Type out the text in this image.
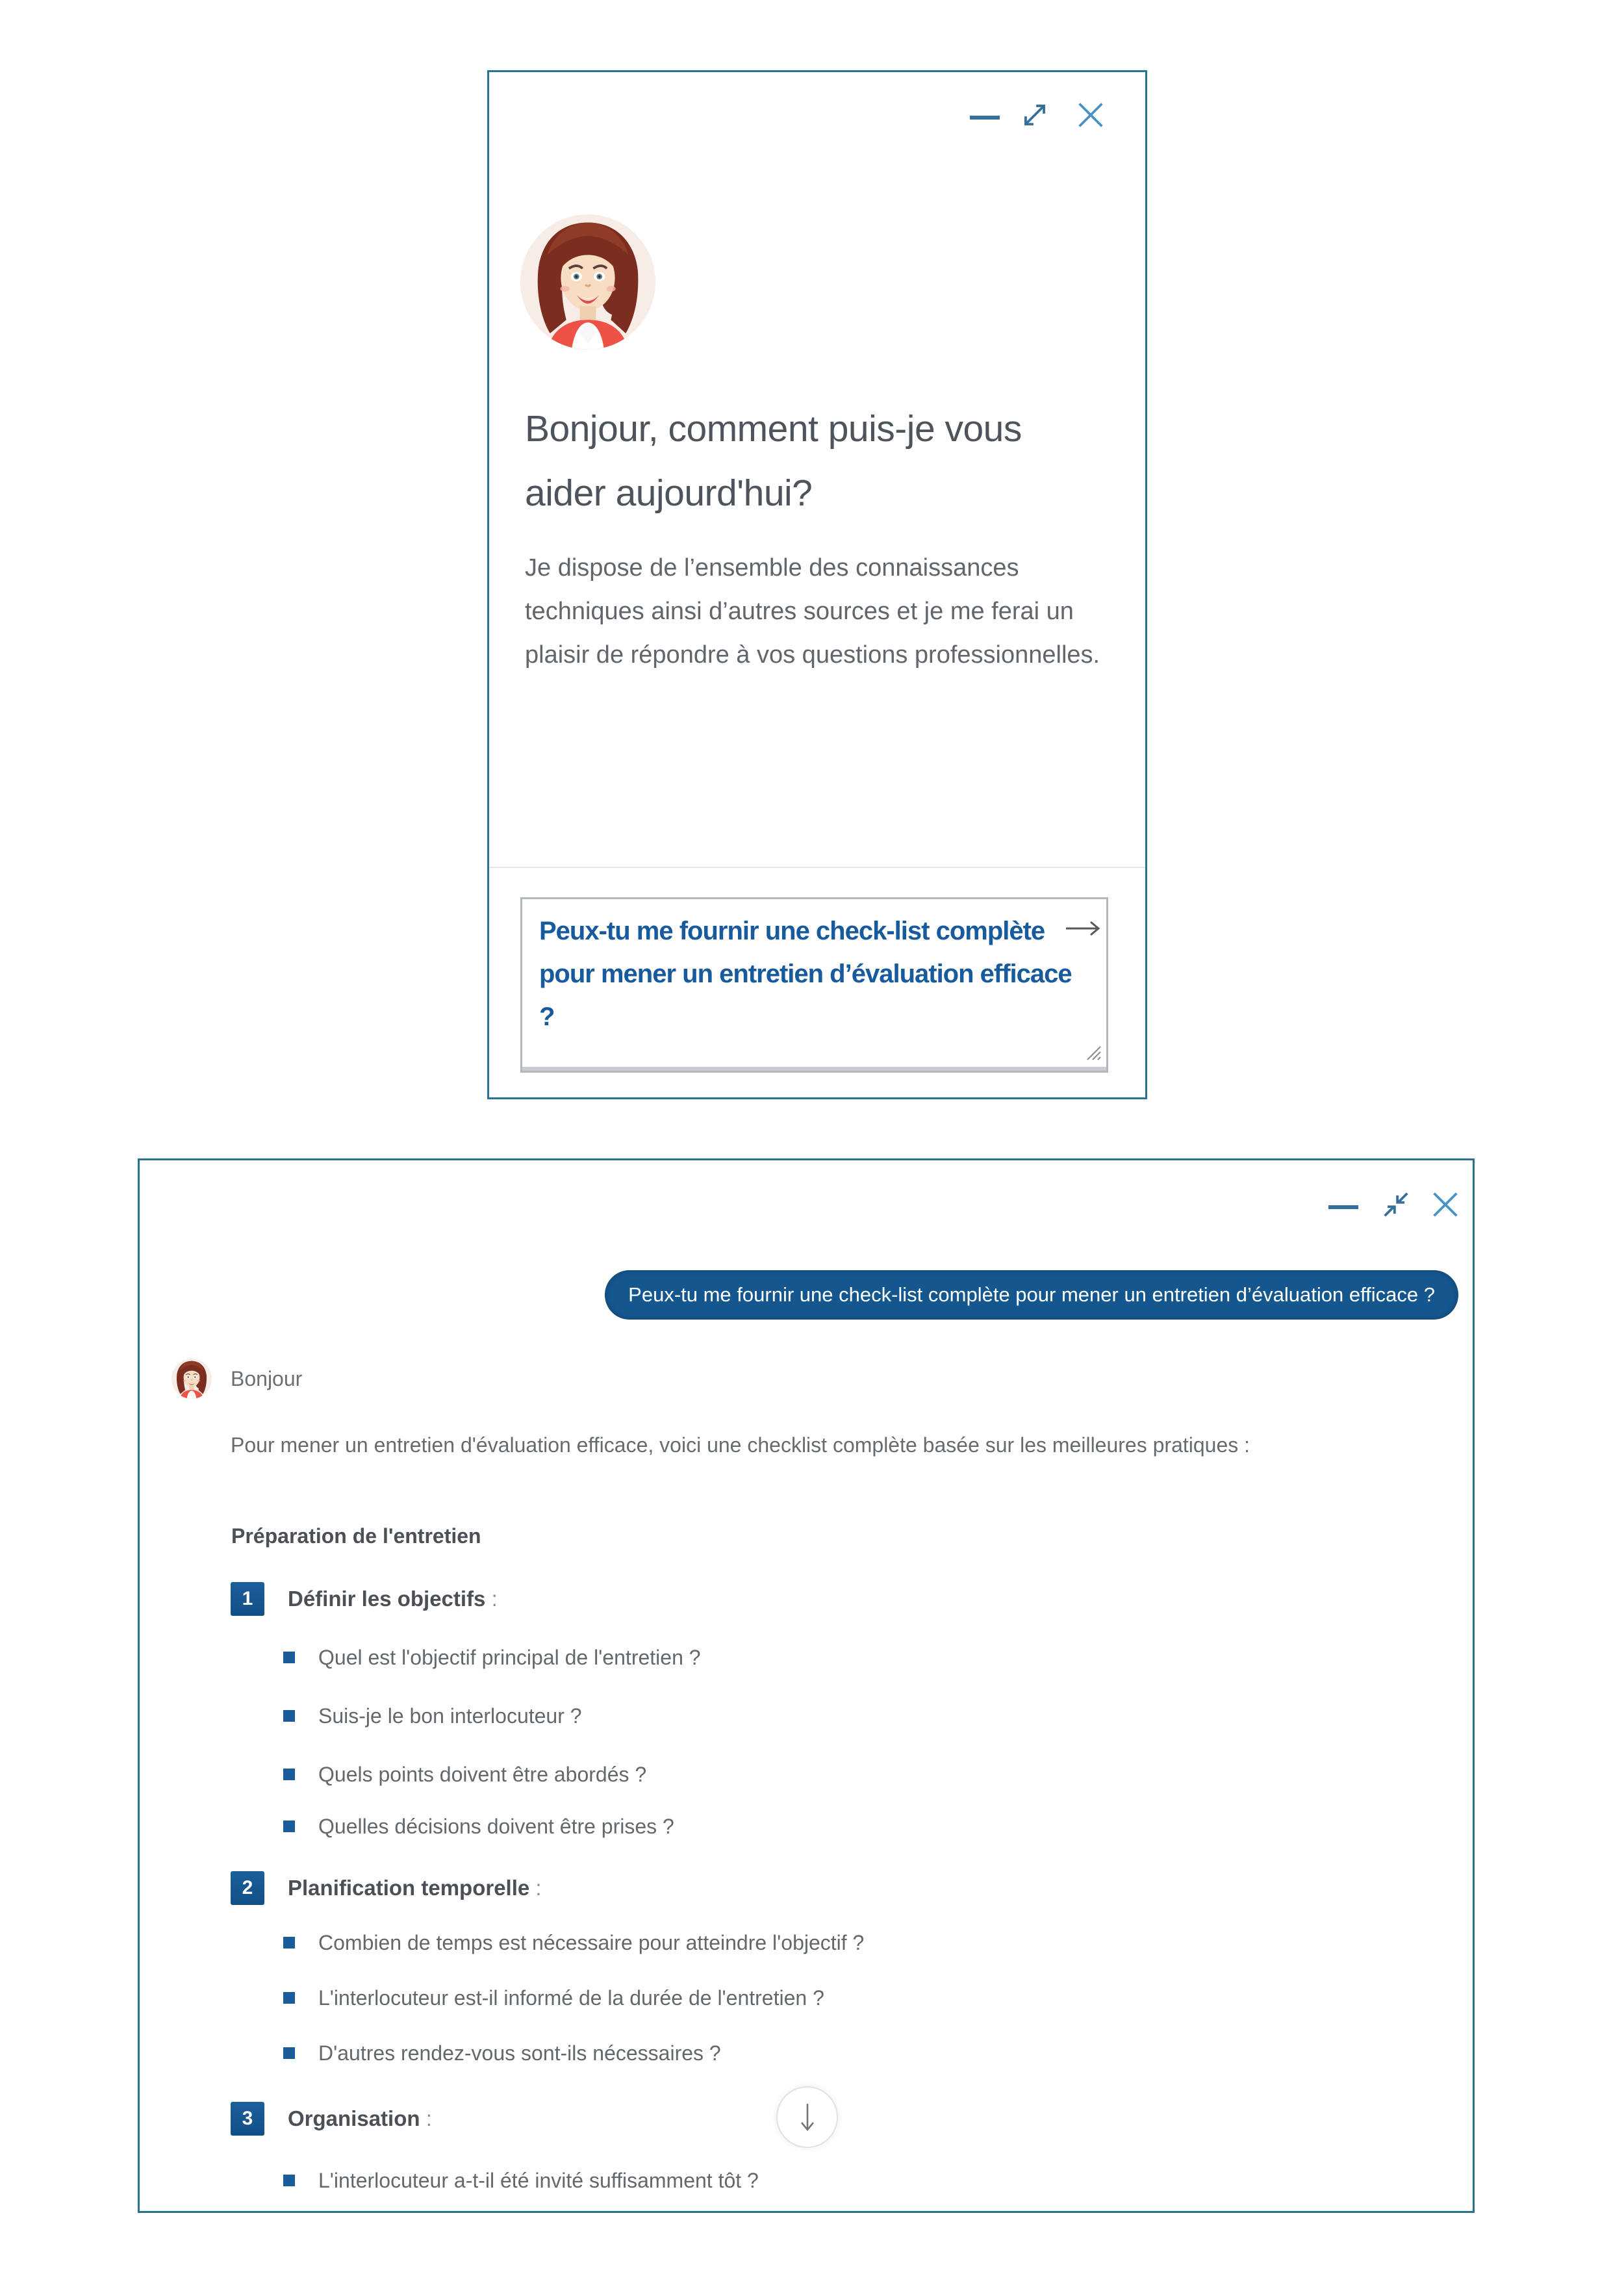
Bonjour, comment puis-je vous aider aujourd'hui?
Je dispose de l’ensemble des connaissances techniques ainsi d’autres sources et je me ferai un plaisir de répondre à vos questions professionnelles.
Peux-tu me fournir une check-list complète pour mener un entretien d’évaluation efficace ?
Peux-tu me fournir une check-list complète pour mener un entretien d’évaluation efficace ?
Bonjour
Pour mener un entretien d'évaluation efficace, voici une checklist complète basée sur les meilleures pratiques :
Préparation de l'entretien
1 Définir les objectifs :
Quel est l'objectif principal de l'entretien ?
Suis-je le bon interlocuteur ?
Quels points doivent être abordés ?
Quelles décisions doivent être prises ?
2 Planification temporelle :
Combien de temps est nécessaire pour atteindre l'objectif ?
L'interlocuteur est-il informé de la durée de l'entretien ?
D'autres rendez-vous sont-ils nécessaires ?
3 Organisation :
L'interlocuteur a-t-il été invité suffisamment tôt ?
